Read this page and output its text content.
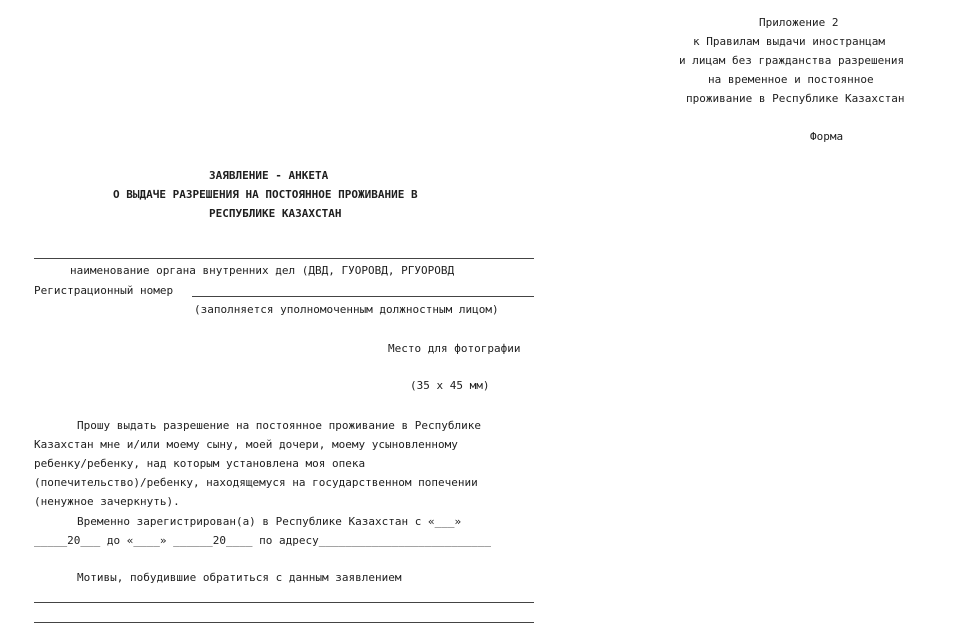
Приложение 2
к Правилам выдачи иностранцам
и лицам без гражданства разрешения
на временное и постоянное
проживание в Республике Казахстан
Форма
ЗАЯВЛЕНИЕ - АНКЕТА
О ВЫДАЧЕ РАЗРЕШЕНИЯ НА ПОСТОЯННОЕ ПРОЖИВАНИЕ В
РЕСПУБЛИКЕ КАЗАХСТАН
наименование органа внутренних дел (ДВД, ГУОРОВД, РГУОРОВД
Регистрационный номер
(заполняется уполномоченным должностным лицом)
Место для фотографии
(35 х 45 мм)
Прошу выдать разрешение на постоянное проживание в Республике
Казахстан мне и/или моему сыну, моей дочери, моему усыновленному
ребенку/ребенку, над которым установлена моя опека
(попечительство)/ребенку, находящемуся на государственном попечении
(ненужное зачеркнуть).
Временно зарегистрирован(а) в Республике Казахстан с «___»
_____20___ до «____» ______20____ по адресу__________________________
Мотивы, побудившие обратиться с данным заявлением
